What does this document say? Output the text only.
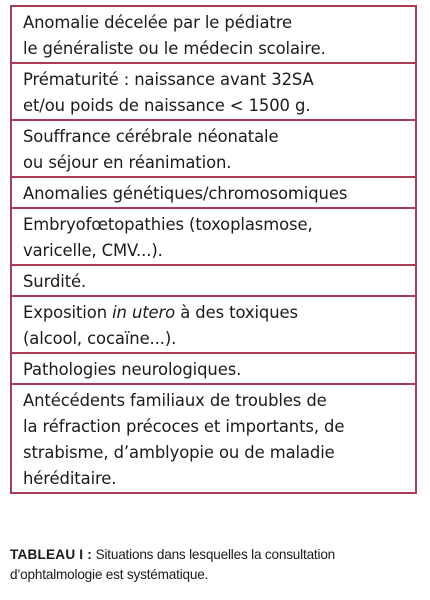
Anomalie décelée par le pédiatre
le généraliste ou le médecin scolaire.
Prématurité : naissance avant 32SA
et/ou poids de naissance < 1500 g.
Souffrance cérébrale néonatale
ou séjour en réanimation.
Anomalies génétiques/chromosomiques
Embryofœtopathies (toxoplasmose,
varicelle, CMV...).
Surdité.
Exposition in utero à des toxiques
(alcool, cocaïne...).
Pathologies neurologiques.
Antécédents familiaux de troubles de
la réfraction précoces et importants, de
strabisme, d’amblyopie ou de maladie
héréditaire.
TABLEAU I : Situations dans lesquelles la consultation d’ophtalmologie est systématique.
